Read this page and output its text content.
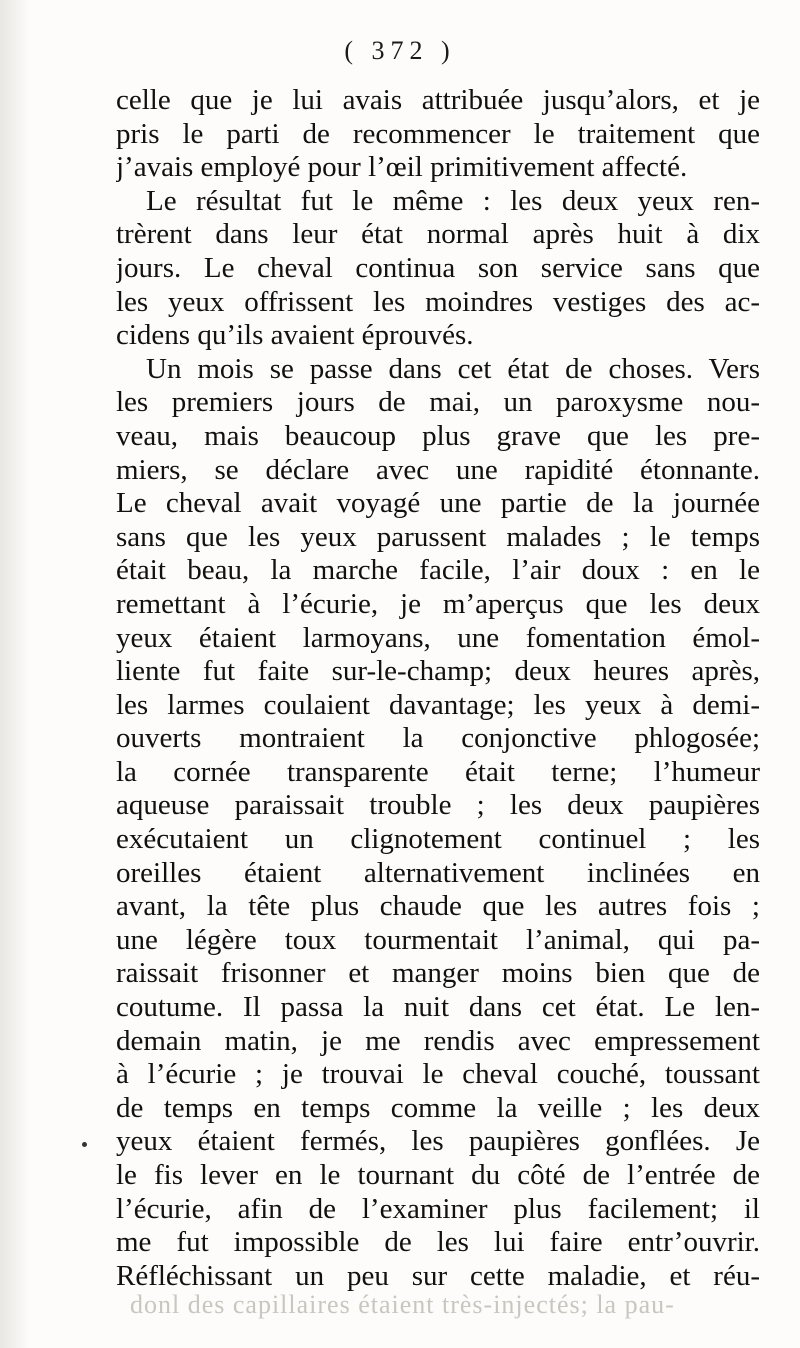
( 372 )
celle que je lui avais attribuée jusqu’alors, et je
pris le parti de recommencer le traitement que
j’avais employé pour l’œil primitivement affecté.
Le résultat fut le même : les deux yeux ren-
trèrent dans leur état normal après huit à dix
jours. Le cheval continua son service sans que
les yeux offrissent les moindres vestiges des ac-
cidens qu’ils avaient éprouvés.
Un mois se passe dans cet état de choses. Vers
les premiers jours de mai, un paroxysme nou-
veau, mais beaucoup plus grave que les pre-
miers, se déclare avec une rapidité étonnante.
Le cheval avait voyagé une partie de la journée
sans que les yeux parussent malades ; le temps
était beau, la marche facile, l’air doux : en le
remettant à l’écurie, je m’aperçus que les deux
yeux étaient larmoyans, une fomentation émol-
liente fut faite sur-le-champ; deux heures après,
les larmes coulaient davantage; les yeux à demi-
ouverts montraient la conjonctive phlogosée;
la cornée transparente était terne; l’humeur
aqueuse paraissait trouble ; les deux paupières
exécutaient un clignotement continuel ; les
oreilles étaient alternativement inclinées en
avant, la tête plus chaude que les autres fois ;
une légère toux tourmentait l’animal, qui pa-
raissait frisonner et manger moins bien que de
coutume. Il passa la nuit dans cet état. Le len-
demain matin, je me rendis avec empressement
à l’écurie ; je trouvai le cheval couché, toussant
de temps en temps comme la veille ; les deux
yeux étaient fermés, les paupières gonflées. Je
le fis lever en le tournant du côté de l’entrée de
l’écurie, afin de l’examiner plus facilement; il
me fut impossible de les lui faire entr’ouvrir.
Réfléchissant un peu sur cette maladie, et réu-
donl des capillaires étaient très-injectés; la pau-
